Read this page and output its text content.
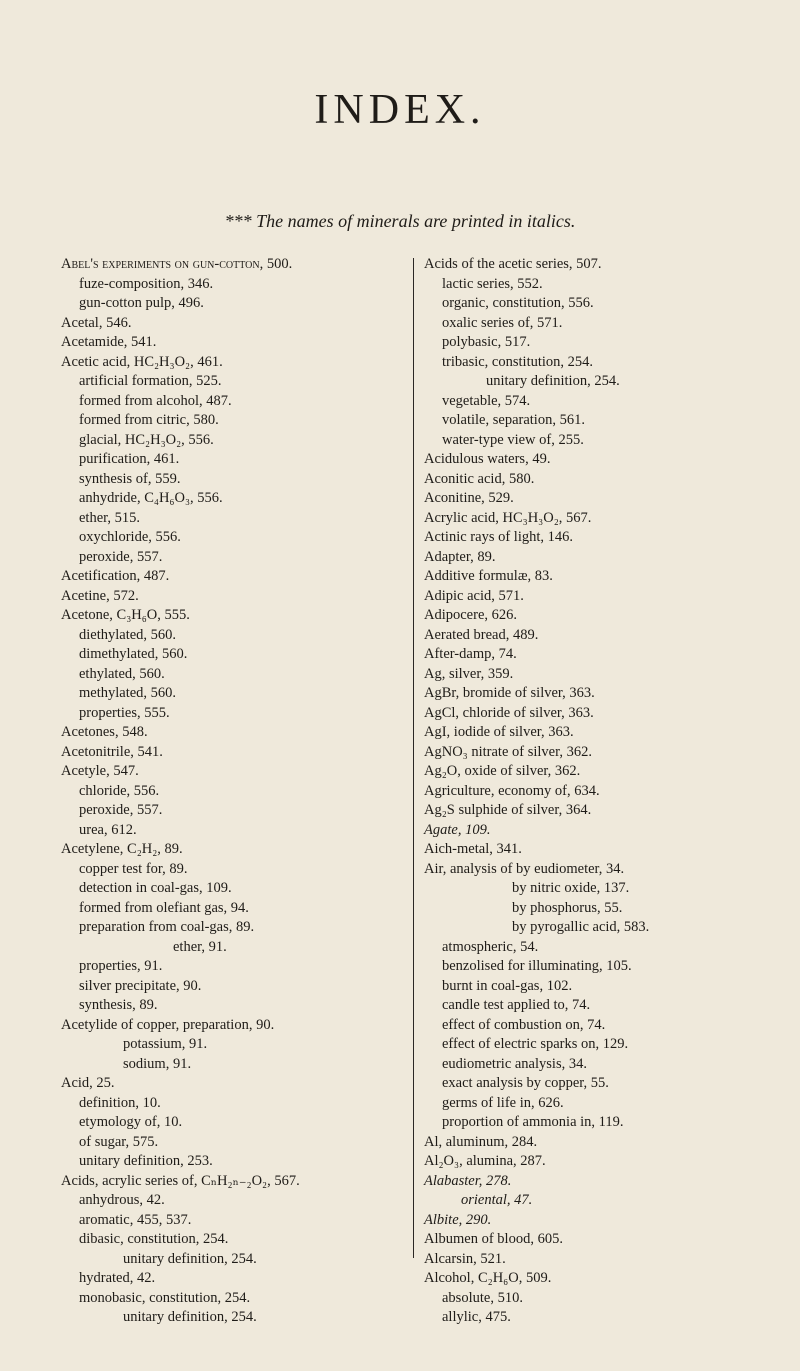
INDEX.
*** The names of minerals are printed in italics.
Abel's experiments on gun-cotton, 500.
fuze-composition, 346.
gun-cotton pulp, 496.
Acetal, 546.
Acetamide, 541.
Acetic acid, HC₂H₃O₂, 461.
artificial formation, 525.
formed from alcohol, 487.
formed from citric, 580.
glacial, HC₂H₃O₂, 556.
purification, 461.
synthesis of, 559.
anhydride, C₄H₆O₃, 556.
ether, 515.
oxychloride, 556.
peroxide, 557.
Acetification, 487.
Acetine, 572.
Acetone, C₃H₆O, 555.
diethylated, 560.
dimethylated, 560.
ethylated, 560.
methylated, 560.
properties, 555.
Acetones, 548.
Acetonitrile, 541.
Acetyle, 547.
chloride, 556.
peroxide, 557.
urea, 612.
Acetylene, C₂H₂, 89.
copper test for, 89.
detection in coal-gas, 109.
formed from olefiant gas, 94.
preparation from coal-gas, 89.
ether, 91.
properties, 91.
silver precipitate, 90.
synthesis, 89.
Acetylide of copper, preparation, 90.
potassium, 91.
sodium, 91.
Acid, 25.
definition, 10.
etymology of, 10.
of sugar, 575.
unitary definition, 253.
Acids, acrylic series of, CₙH₂ₙ₋₂O₂, 567.
anhydrous, 42.
aromatic, 455, 537.
dibasic, constitution, 254.
unitary definition, 254.
hydrated, 42.
monobasic, constitution, 254.
unitary definition, 254.
Acids of the acetic series, 507.
lactic series, 552.
organic, constitution, 556.
oxalic series of, 571.
polybasic, 517.
tribasic, constitution, 254.
unitary definition, 254.
vegetable, 574.
volatile, separation, 561.
water-type view of, 255.
Acidulous waters, 49.
Aconitic acid, 580.
Aconitine, 529.
Acrylic acid, HC₃H₃O₂, 567.
Actinic rays of light, 146.
Adapter, 89.
Additive formulæ, 83.
Adipic acid, 571.
Adipocere, 626.
Aerated bread, 489.
After-damp, 74.
Ag, silver, 359.
AgBr, bromide of silver, 363.
AgCl, chloride of silver, 363.
AgI, iodide of silver, 363.
AgNO₃ nitrate of silver, 362.
Ag₂O, oxide of silver, 362.
Agriculture, economy of, 634.
Ag₂S sulphide of silver, 364.
Agate, 109.
Aich-metal, 341.
Air, analysis of by eudiometer, 34.
by nitric oxide, 137.
by phosphorus, 55.
by pyrogallic acid, 583.
atmospheric, 54.
benzolised for illuminating, 105.
burnt in coal-gas, 102.
candle test applied to, 74.
effect of combustion on, 74.
effect of electric sparks on, 129.
eudiometric analysis, 34.
exact analysis by copper, 55.
germs of life in, 626.
proportion of ammonia in, 119.
Al, aluminum, 284.
Al₂O₃, alumina, 287.
Alabaster, 278.
oriental, 47.
Albite, 290.
Albumen of blood, 605.
Alcarsin, 521.
Alcohol, C₂H₆O, 509.
absolute, 510.
allylic, 475.
